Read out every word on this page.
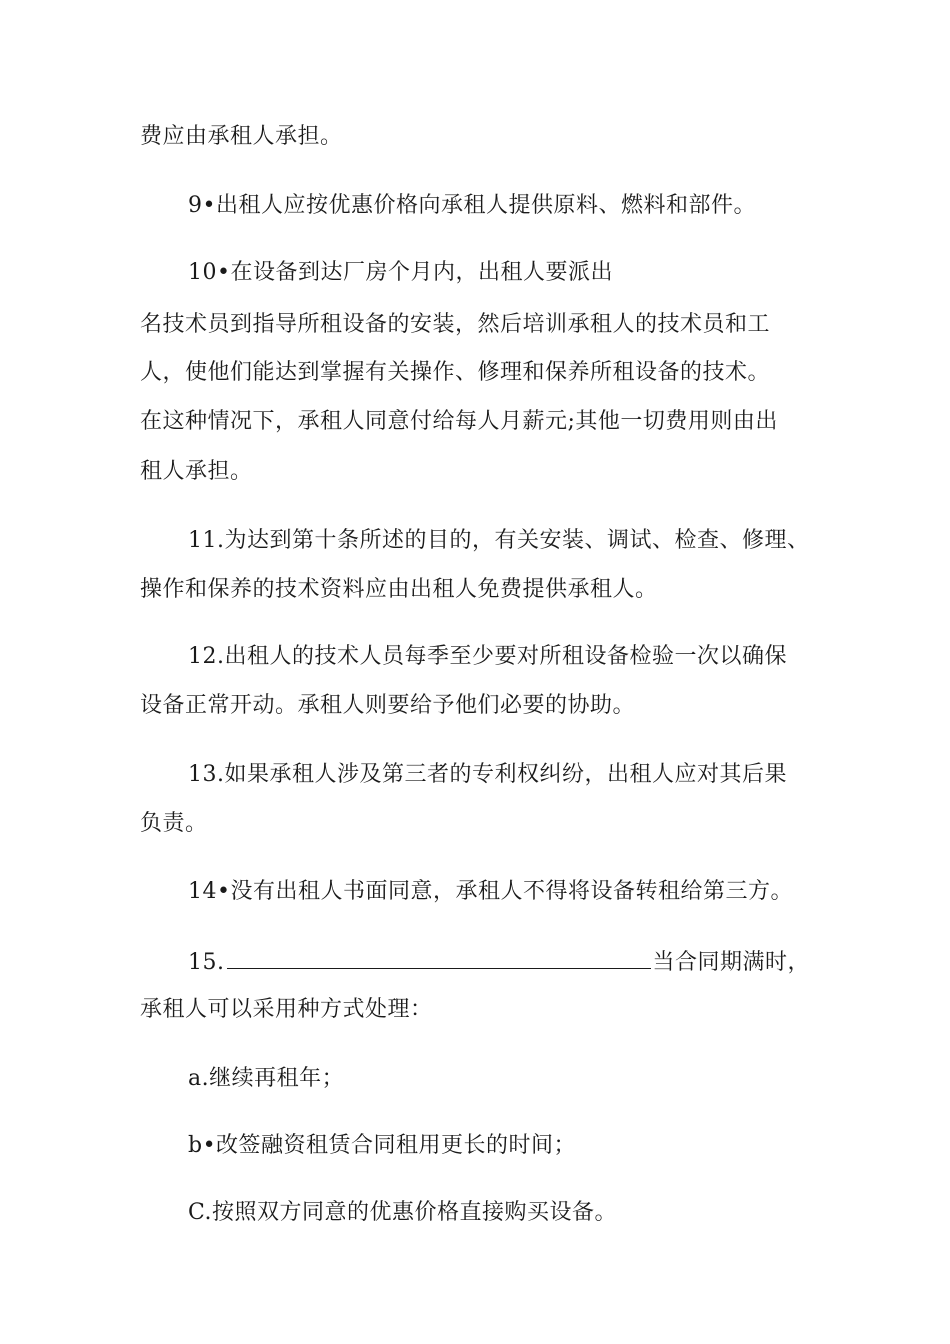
费应由承租人承担。
9•出租人应按优惠价格向承租人提供原料、燃料和部件。
10•在设备到达厂房个月内，出租人要派出
名技术员到指导所租设备的安装，然后培训承租人的技术员和工
人，使他们能达到掌握有关操作、修理和保养所租设备的技术。
在这种情况下，承租人同意付给每人月薪元;其他一切费用则由出
租人承担。
11.为达到第十条所述的目的，有关安装、调试、检查、修理、
操作和保养的技术资料应由出租人免费提供承租人。
12.出租人的技术人员每季至少要对所租设备检验一次以确保
设备正常开动。承租人则要给予他们必要的协助。
13.如果承租人涉及第三者的专利权纠纷，出租人应对其后果
负责。
14•没有出租人书面同意，承租人不得将设备转租给第三方。
15.	当合同期满时，
承租人可以采用种方式处理：
a.继续再租年；
b•改签融资租赁合同租用更长的时间；
C.按照双方同意的优惠价格直接购买设备。
